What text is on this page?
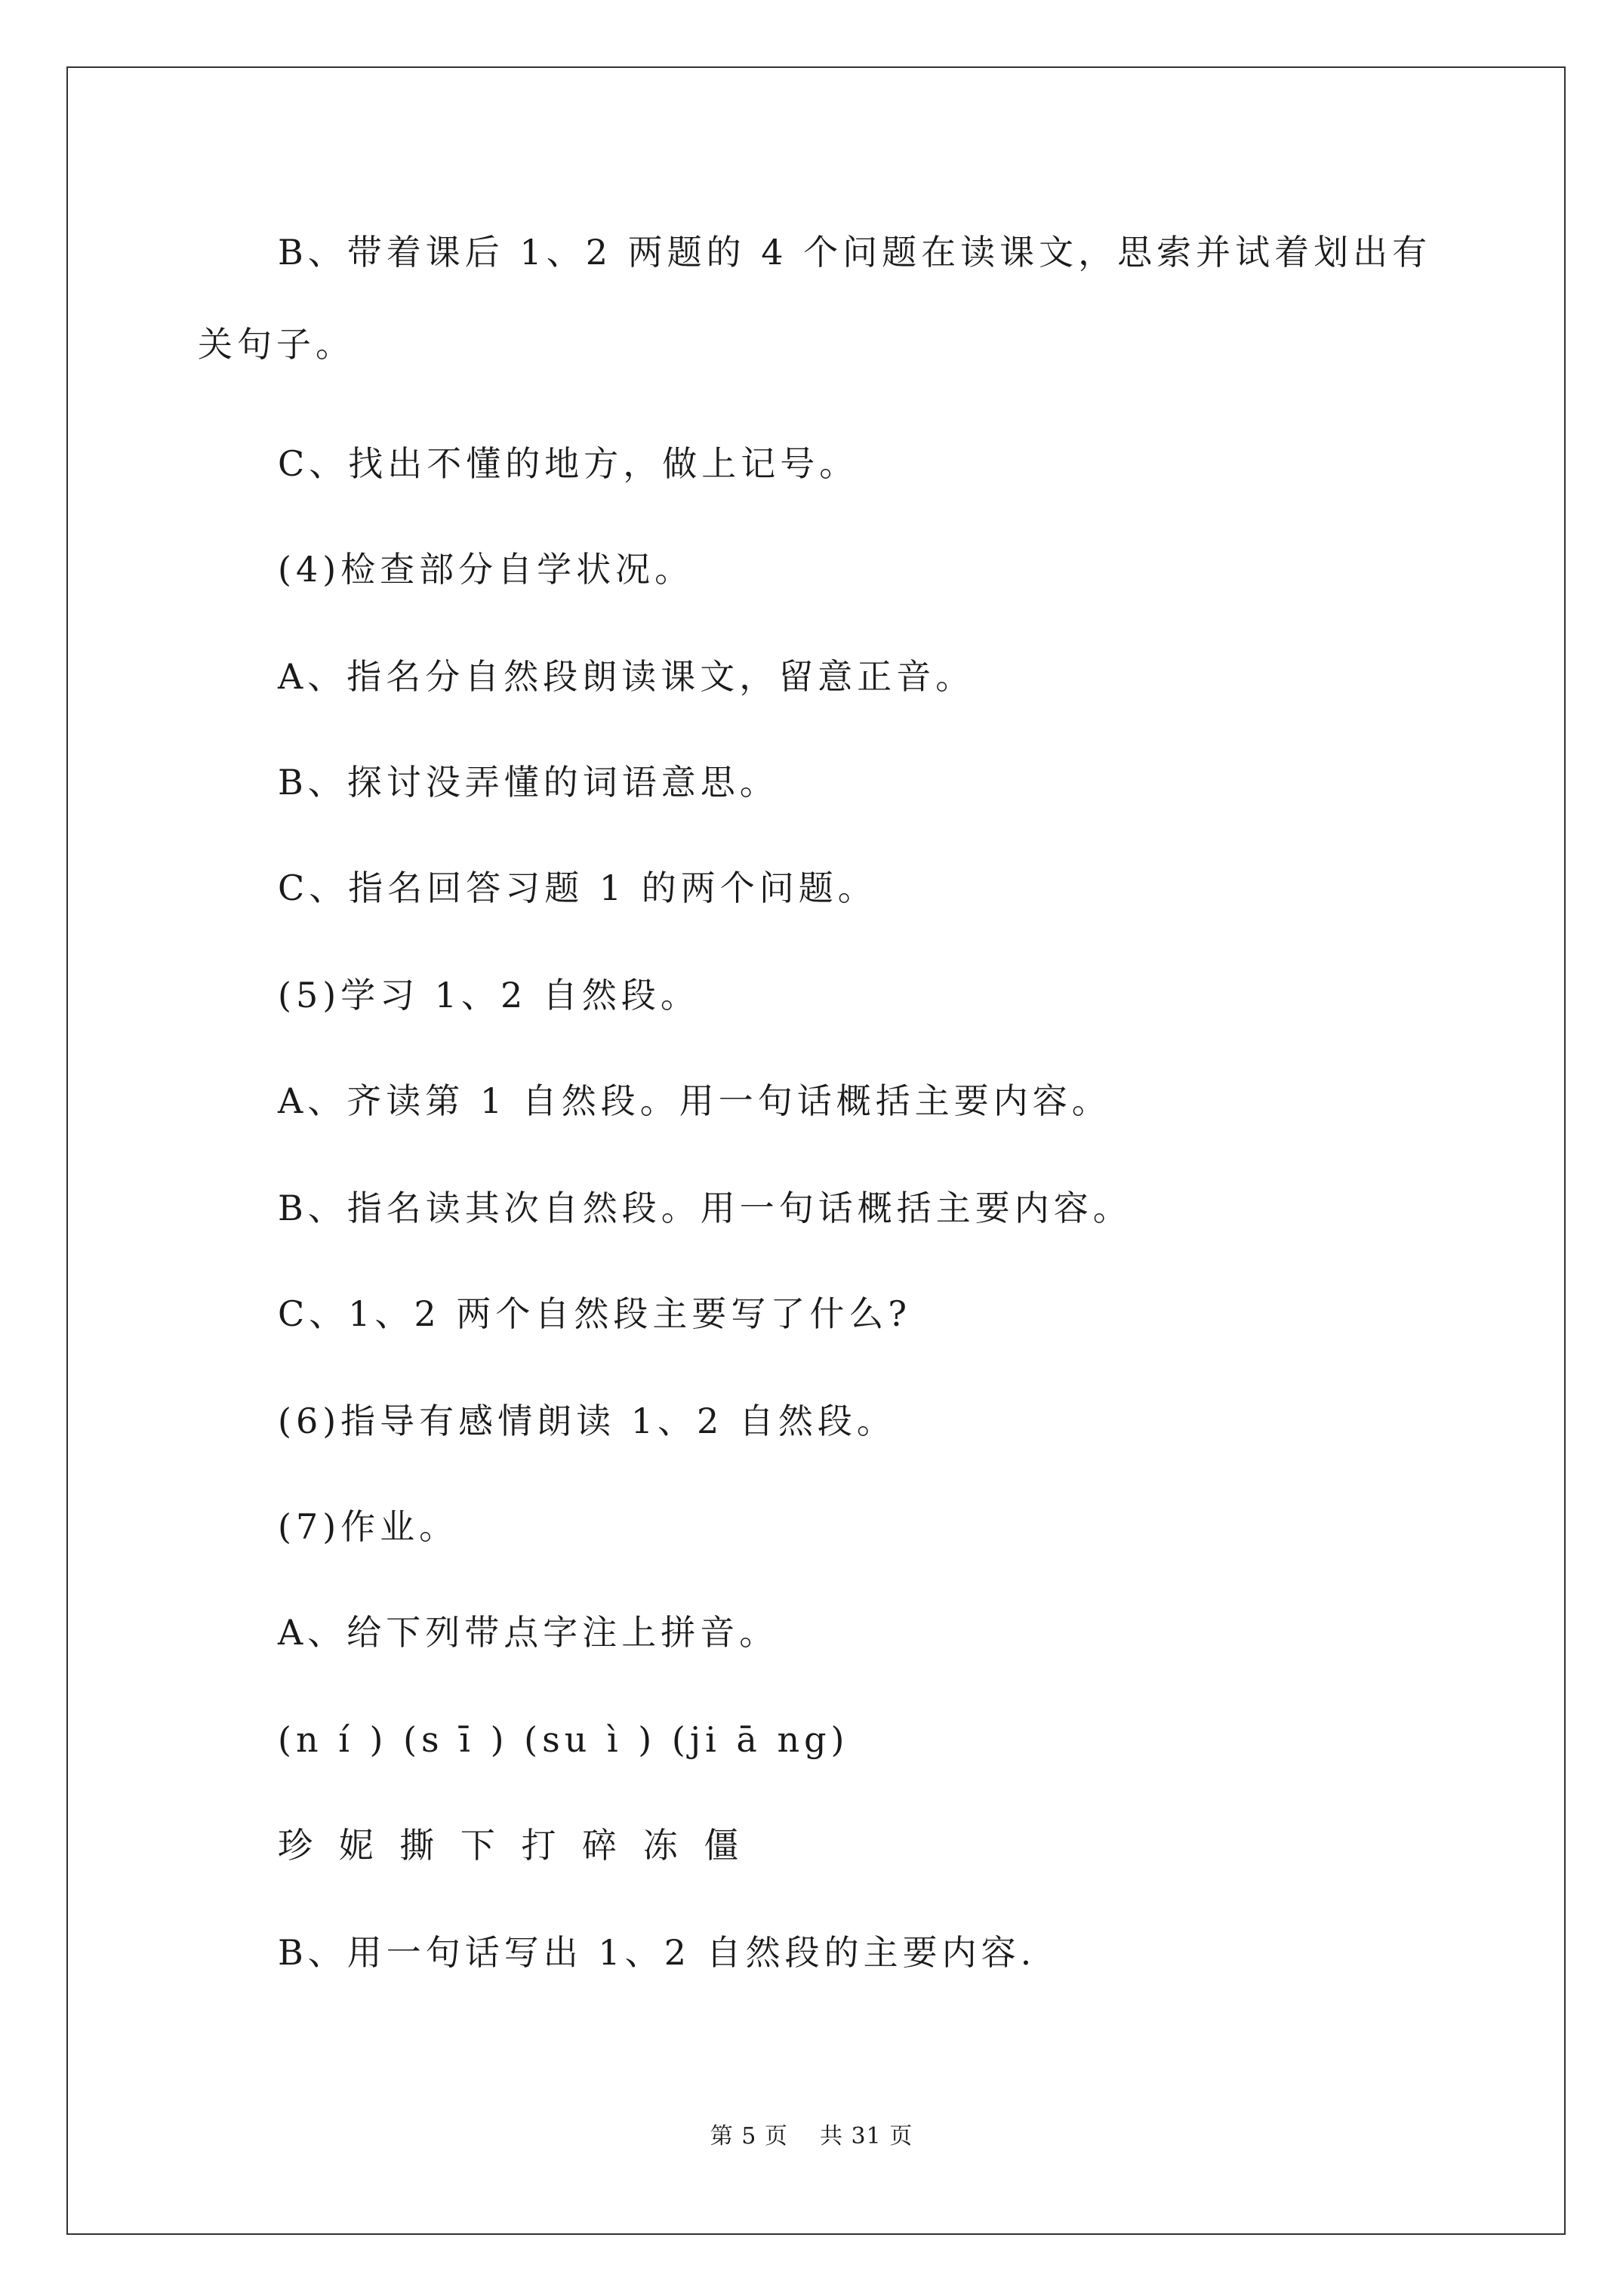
B、带着课后 1、2 两题的 4 个问题在读课文，思索并试着划出有
关句子。
C、找出不懂的地方，做上记号。
(4)检查部分自学状况。
A、指名分自然段朗读课文，留意正音。
B、探讨没弄懂的词语意思。
C、指名回答习题 1 的两个问题。
(5)学习 1、2 自然段。
A、齐读第 1 自然段。用一句话概括主要内容。
B、指名读其次自然段。用一句话概括主要内容。
C、1、2 两个自然段主要写了什么?
(6)指导有感情朗读 1、2 自然段。
(7)作业。
A、给下列带点字注上拼音。
(n í ) (s ī ) (su ì ) (ji ā ng)
珍 妮 撕 下 打 碎 冻 僵
B、用一句话写出 1、2 自然段的主要内容.
第 5 页    共 31 页
